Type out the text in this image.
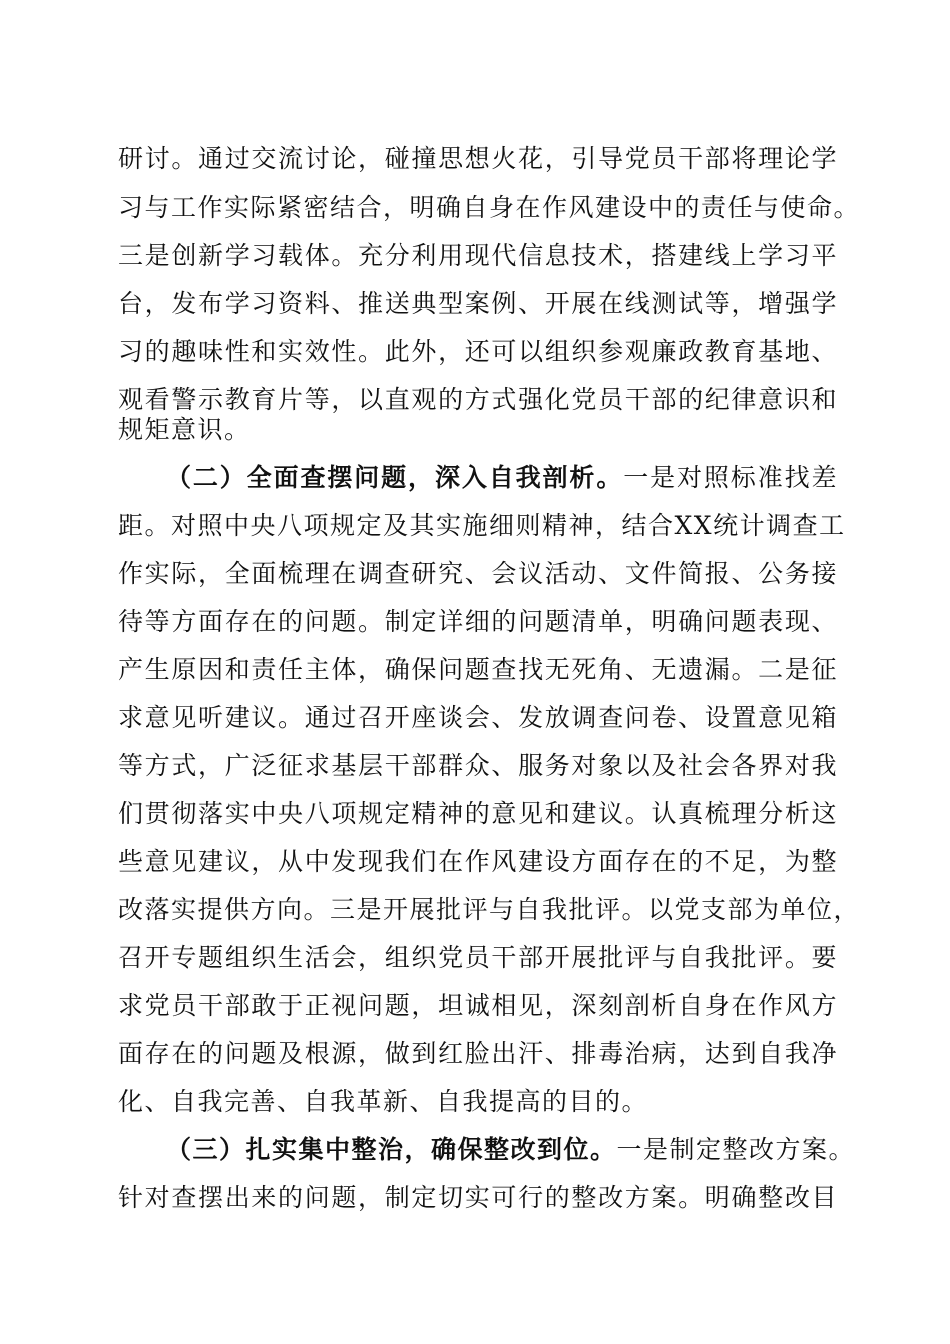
研讨。通过交流讨论，碰撞思想火花，引导党员干部将理论学

习与工作实际紧密结合，明确自身在作风建设中的责任与使命。

三是创新学习载体。充分利用现代信息技术，搭建线上学习平

台，发布学习资料、推送典型案例、开展在线测试等，增强学

习的趣味性和实效性。此外，还可以组织参观廉政教育基地、

观看警示教育片等，以直观的方式强化党员干部的纪律意识和

规矩意识。

（二）全面查摆问题，深入自我剖析。一是对照标准找差

距。对照中央八项规定及其实施细则精神，结合XX统计调查工

作实际，全面梳理在调查研究、会议活动、文件简报、公务接

待等方面存在的问题。制定详细的问题清单，明确问题表现、

产生原因和责任主体，确保问题查找无死角、无遗漏。二是征

求意见听建议。通过召开座谈会、发放调查问卷、设置意见箱

等方式，广泛征求基层干部群众、服务对象以及社会各界对我

们贯彻落实中央八项规定精神的意见和建议。认真梳理分析这

些意见建议，从中发现我们在作风建设方面存在的不足，为整

改落实提供方向。三是开展批评与自我批评。以党支部为单位，

召开专题组织生活会，组织党员干部开展批评与自我批评。要

求党员干部敢于正视问题，坦诚相见，深刻剖析自身在作风方

面存在的问题及根源，做到红脸出汗、排毒治病，达到自我净

化、自我完善、自我革新、自我提高的目的。

（三）扎实集中整治，确保整改到位。一是制定整改方案。

针对查摆出来的问题，制定切实可行的整改方案。明确整改目
